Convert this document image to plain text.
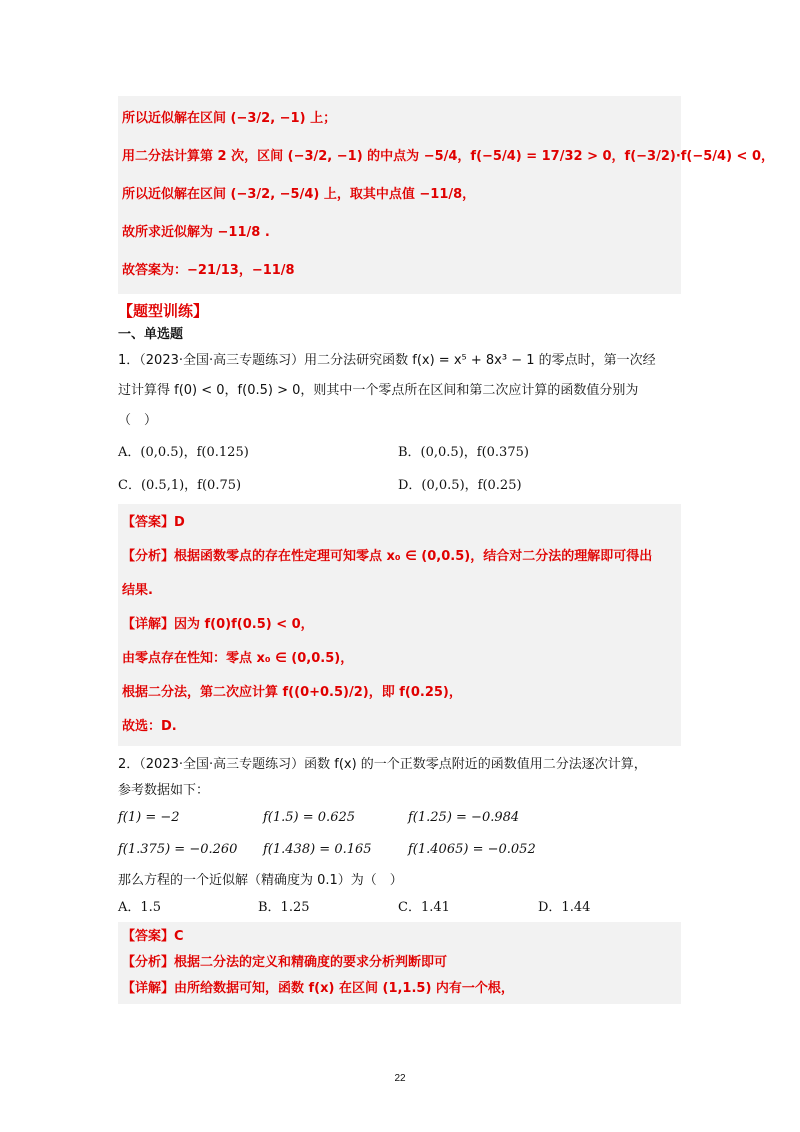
所以近似解在区间 (−3/2, −1) 上；
用二分法计算第 2 次，区间 (−3/2, −1) 的中点为 −5/4，f(−5/4) = 17/32 > 0，f(−3/2)·f(−5/4) < 0，
所以近似解在区间 (−3/2, −5/4) 上，取其中点值 −11/8，
故所求近似解为 −11/8 .
故答案为：−21/13，−11/8
【题型训练】
一、单选题
1．（2023·全国·高三专题练习）用二分法研究函数 f(x) = x⁵ + 8x³ − 1 的零点时，第一次经
过计算得 f(0) < 0，f(0.5) > 0，则其中一个零点所在区间和第二次应计算的函数值分别为
（　）
A．(0,0.5)，f(0.125)	B．(0,0.5)，f(0.375)
C．(0.5,1)，f(0.75)	D．(0,0.5)，f(0.25)
【答案】D
【分析】根据函数零点的存在性定理可知零点 x₀ ∈ (0,0.5)，结合对二分法的理解即可得出
结果.
【详解】因为 f(0)f(0.5) < 0，
由零点存在性知：零点 x₀ ∈ (0,0.5)，
根据二分法，第二次应计算 f((0+0.5)/2)，即 f(0.25)，
故选：D.
2．（2023·全国·高三专题练习）函数 f(x) 的一个正数零点附近的函数值用二分法逐次计算，
参考数据如下：
f(1) = −2	f(1.5) = 0.625	f(1.25) = −0.984
f(1.375) = −0.260	f(1.438) = 0.165	f(1.4065) = −0.052
那么方程的一个近似解（精确度为 0.1）为（　）
A．1.5	B．1.25	C．1.41	D．1.44
【答案】C
【分析】根据二分法的定义和精确度的要求分析判断即可
【详解】由所给数据可知，函数 f(x) 在区间 (1,1.5) 内有一个根，
22
